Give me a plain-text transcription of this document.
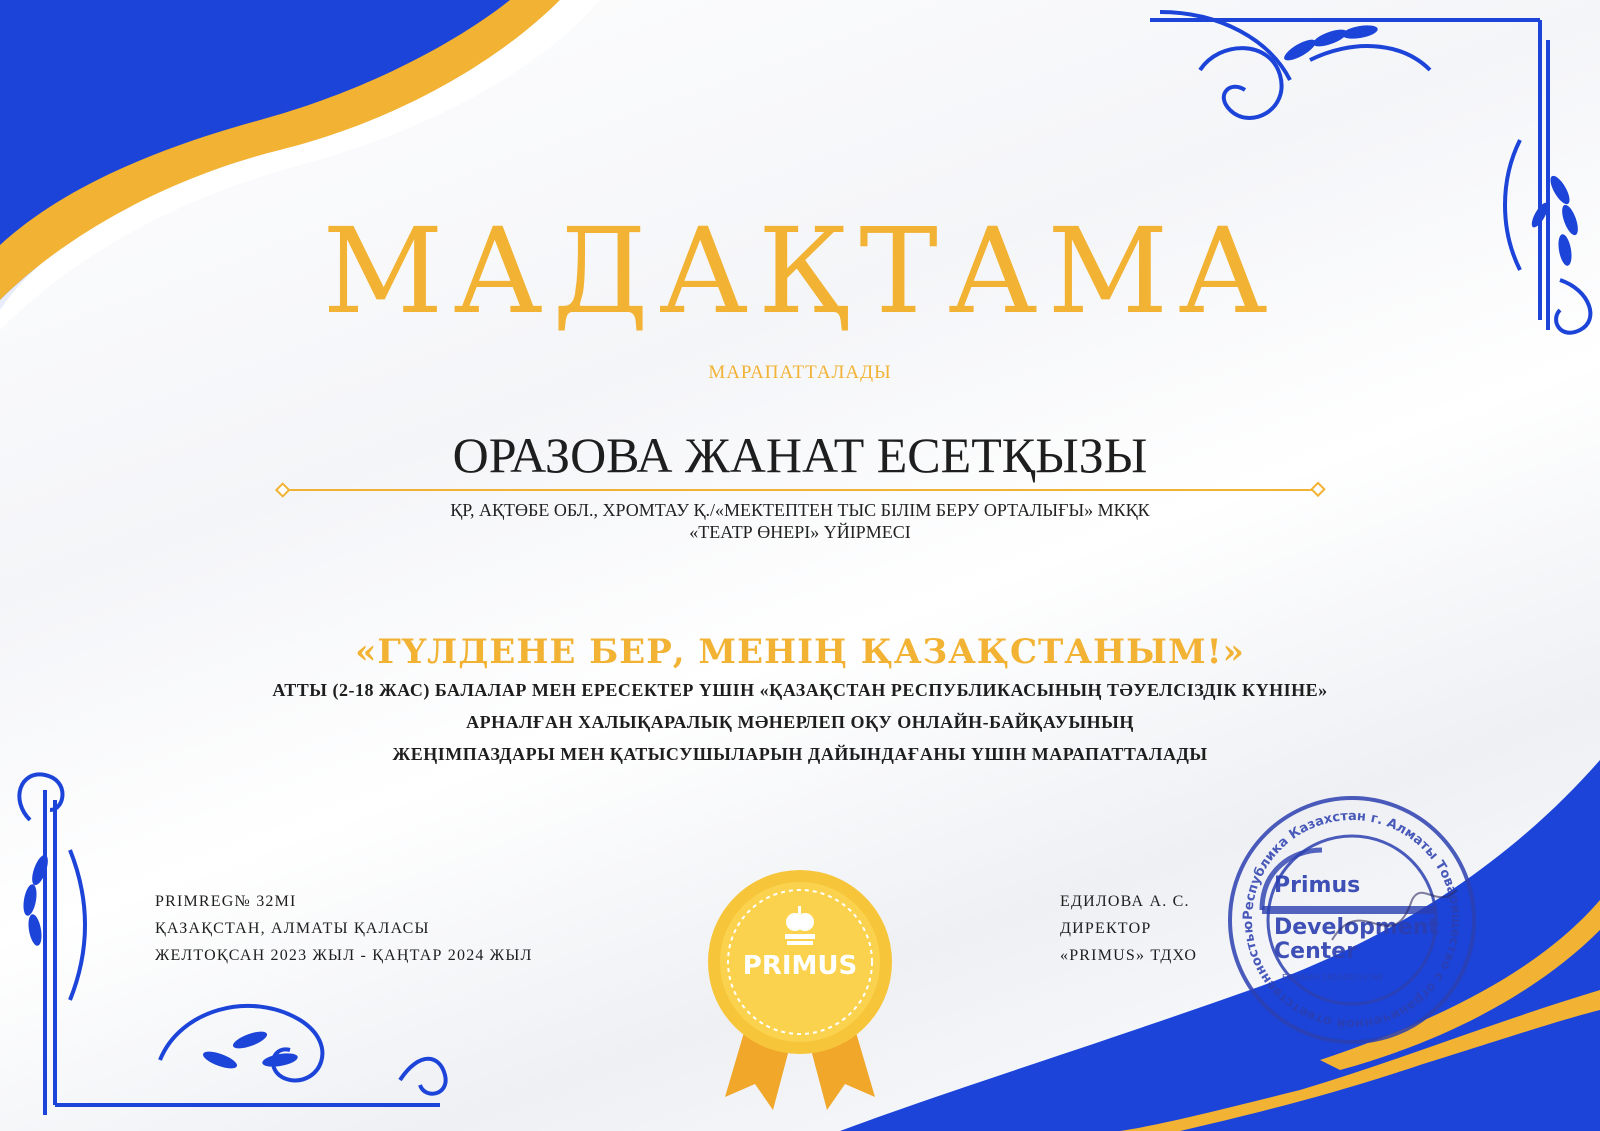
МАДАҚТАМА
МАРАПАТТАЛАДЫ
ОРАЗОВА ЖАНАТ ЕСЕТҚЫЗЫ
ҚР, АҚТӨБЕ ОБЛ., ХРОМТАУ Қ./«МЕКТЕПТЕН ТЫС БІЛІМ БЕРУ ОРТАЛЫҒЫ» МКҚК
«ТЕАТР ӨНЕРІ» ҮЙІРМЕСІ
«ГҮЛДЕНЕ БЕР, МЕНІҢ ҚАЗАҚСТАНЫМ!»
АТТЫ (2-18 ЖАС) БАЛАЛАР МЕН ЕРЕСЕКТЕР ҮШІН «ҚАЗАҚСТАН РЕСПУБЛИКАСЫНЫҢ ТӘУЕЛСІЗДІК КҮНІНЕ»
АРНАЛҒАН ХАЛЫҚАРАЛЫҚ МӘНЕРЛЕП ОҚУ ОНЛАЙН-БАЙҚАУЫНЫҢ
ЖЕҢІМПАЗДАРЫ МЕН ҚАТЫСУШЫЛАРЫН ДАЙЫНДАҒАНЫ ҮШІН МАРАПАТТАЛАДЫ
PRIMREG№ 32MI
ҚАЗАҚСТАН, АЛМАТЫ ҚАЛАСЫ
ЖЕЛТОҚСАН 2023 ЖЫЛ - ҚАҢТАР 2024 ЖЫЛ
ЕДИЛОВА А. С.
ДИРЕКТОР
«PRIMUS» ТДХО
PRIMUS
Республика Казахстан г. Алматы Товарищество с ограниченной ответственностью
Primus
Development
Center
БСН/БИН 180340016769
